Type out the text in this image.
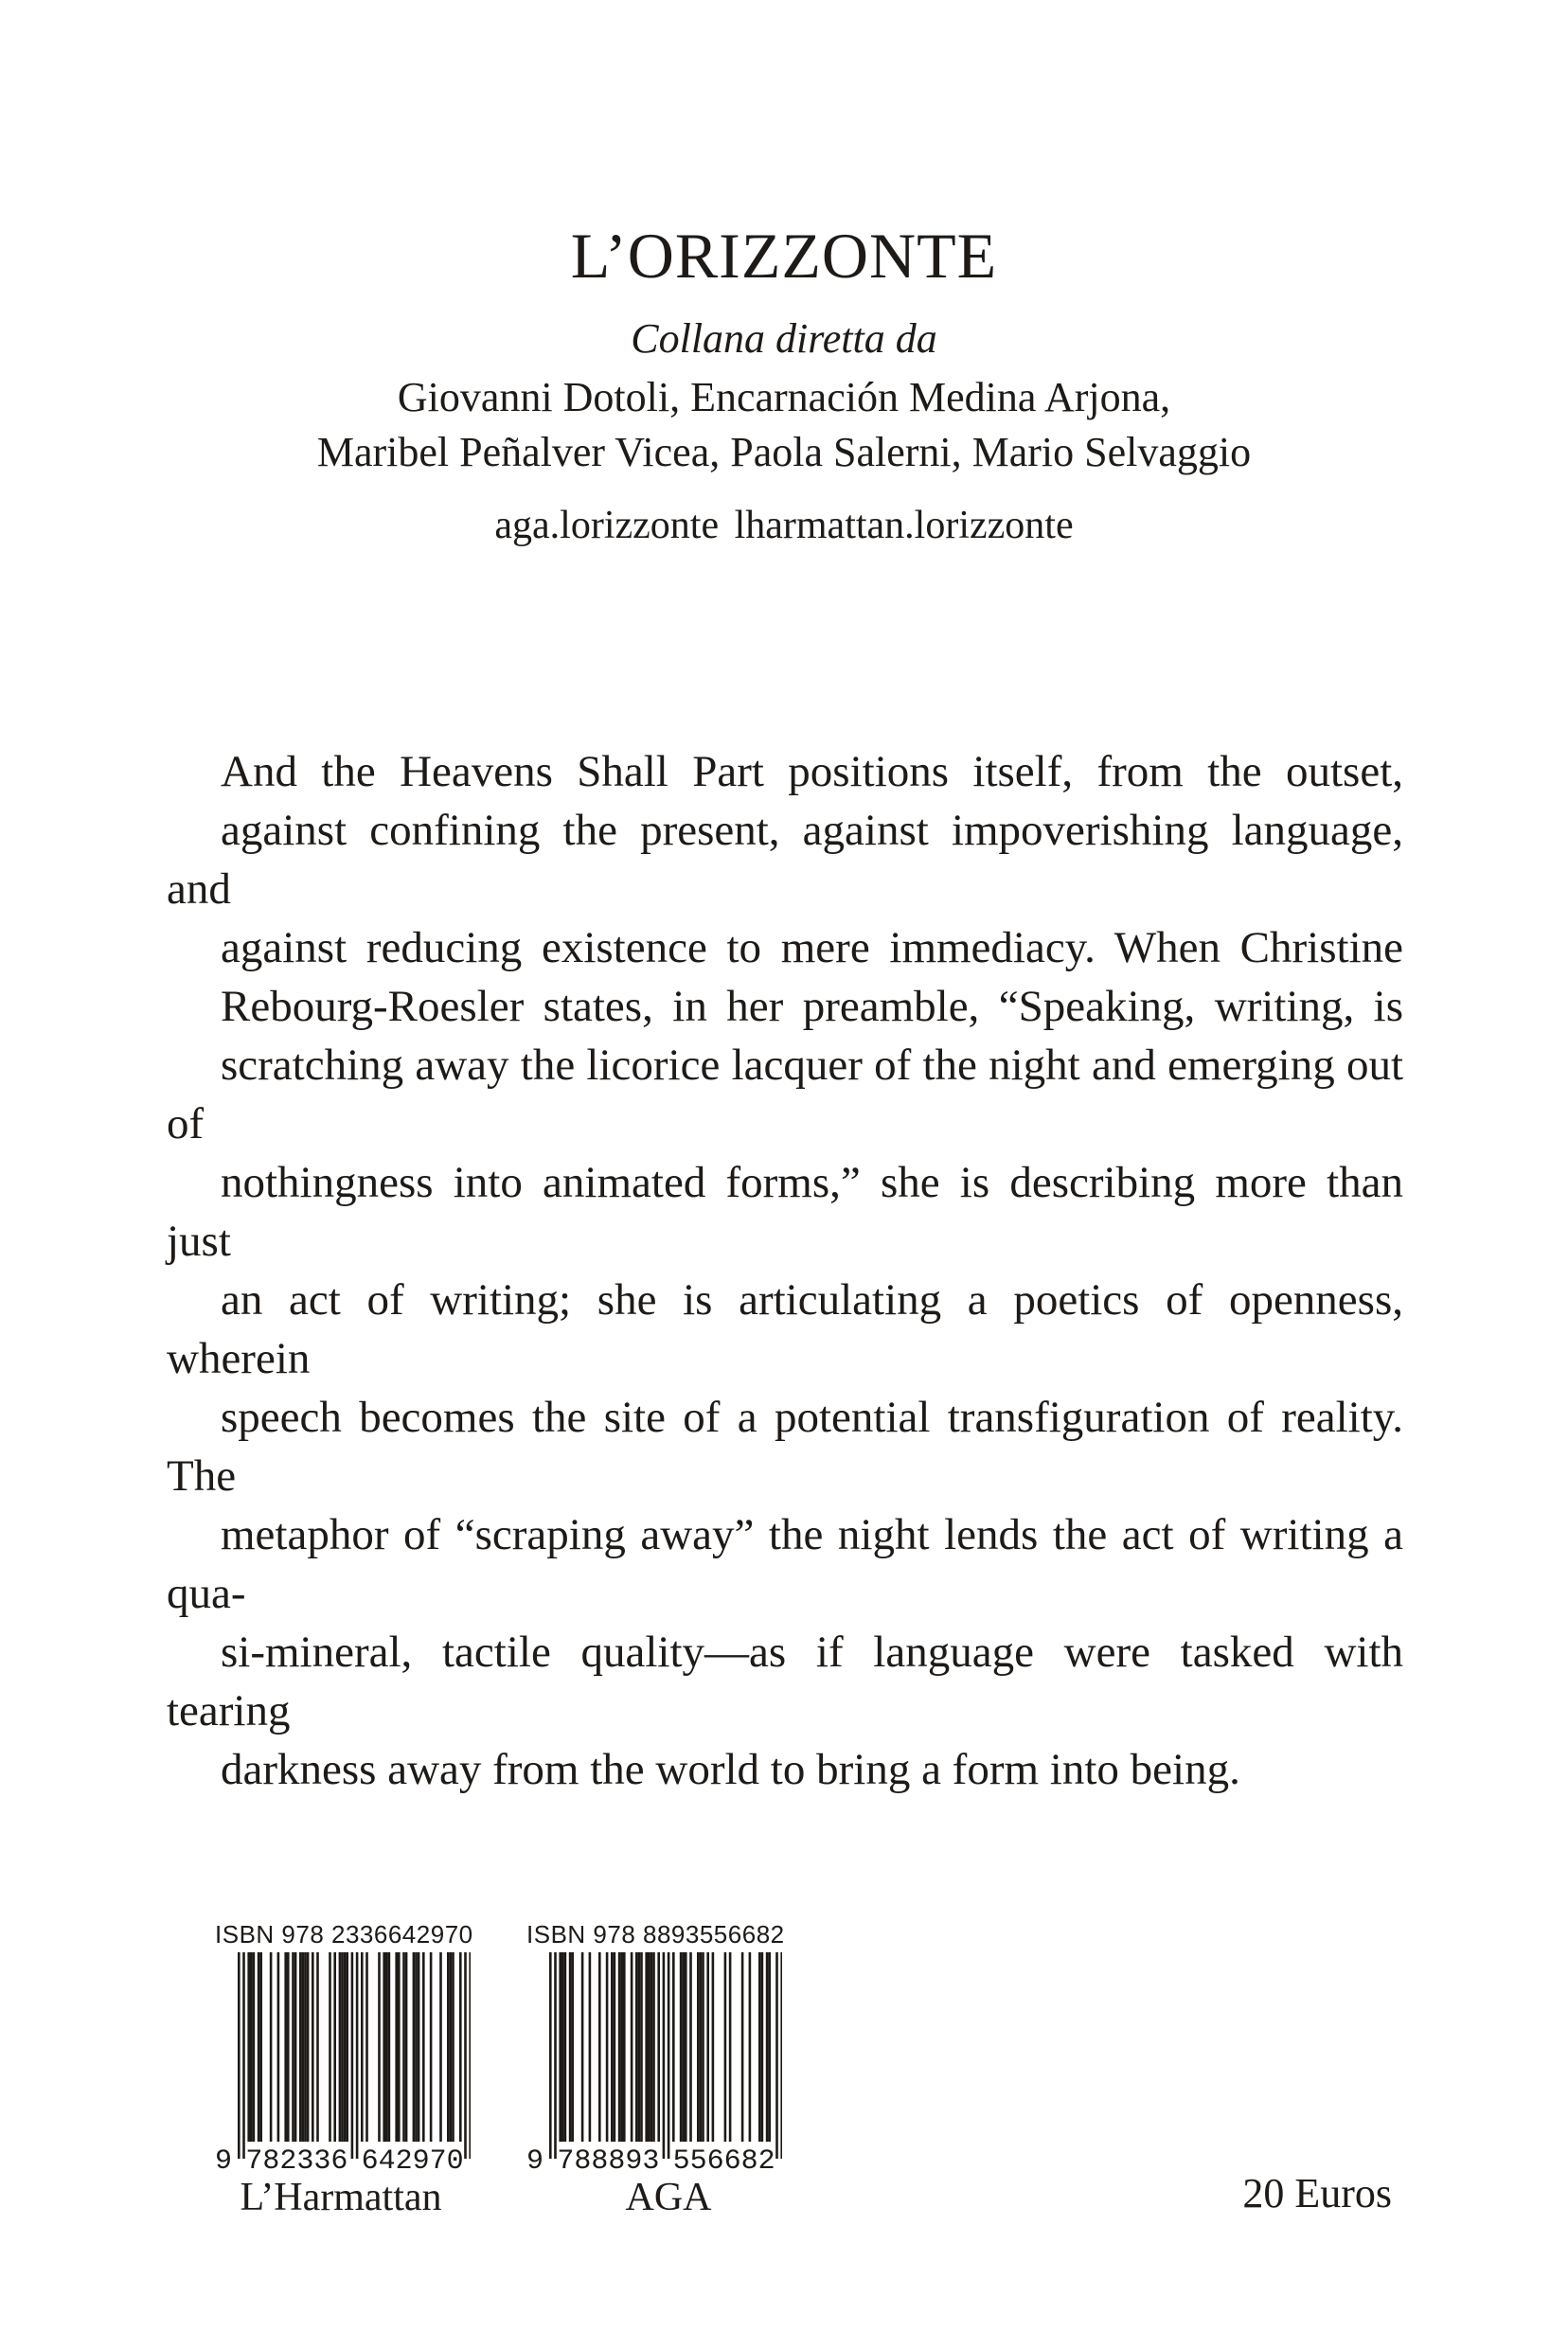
L’ORIZZONTE
Collana diretta da
Giovanni Dotoli, Encarnación Medina Arjona,
Maribel Peñalver Vicea, Paola Salerni, Mario Selvaggio
aga.lorizzonte lharmattan.lorizzonte
And the Heavens Shall Part positions itself, from the outset,
against confining the present, against impoverishing language, and
against reducing existence to mere immediacy. When Christine
Rebourg-Roesler states, in her preamble, “Speaking, writing, is
scratching away the licorice lacquer of the night and emerging out of
nothingness into animated forms,” she is describing more than just
an act of writing; she is articulating a poetics of openness, wherein
speech becomes the site of a potential transfiguration of reality. The
metaphor of “scraping away” the night lends the act of writing a qua-
si-mineral, tactile quality—as if language were tasked with tearing
darkness away from the world to bring a form into being.
ISBN 978 2336642970
9 782336 642970
ISBN 978 8893556682
9 788893 556682
L’Harmattan	AGA	20 Euros
